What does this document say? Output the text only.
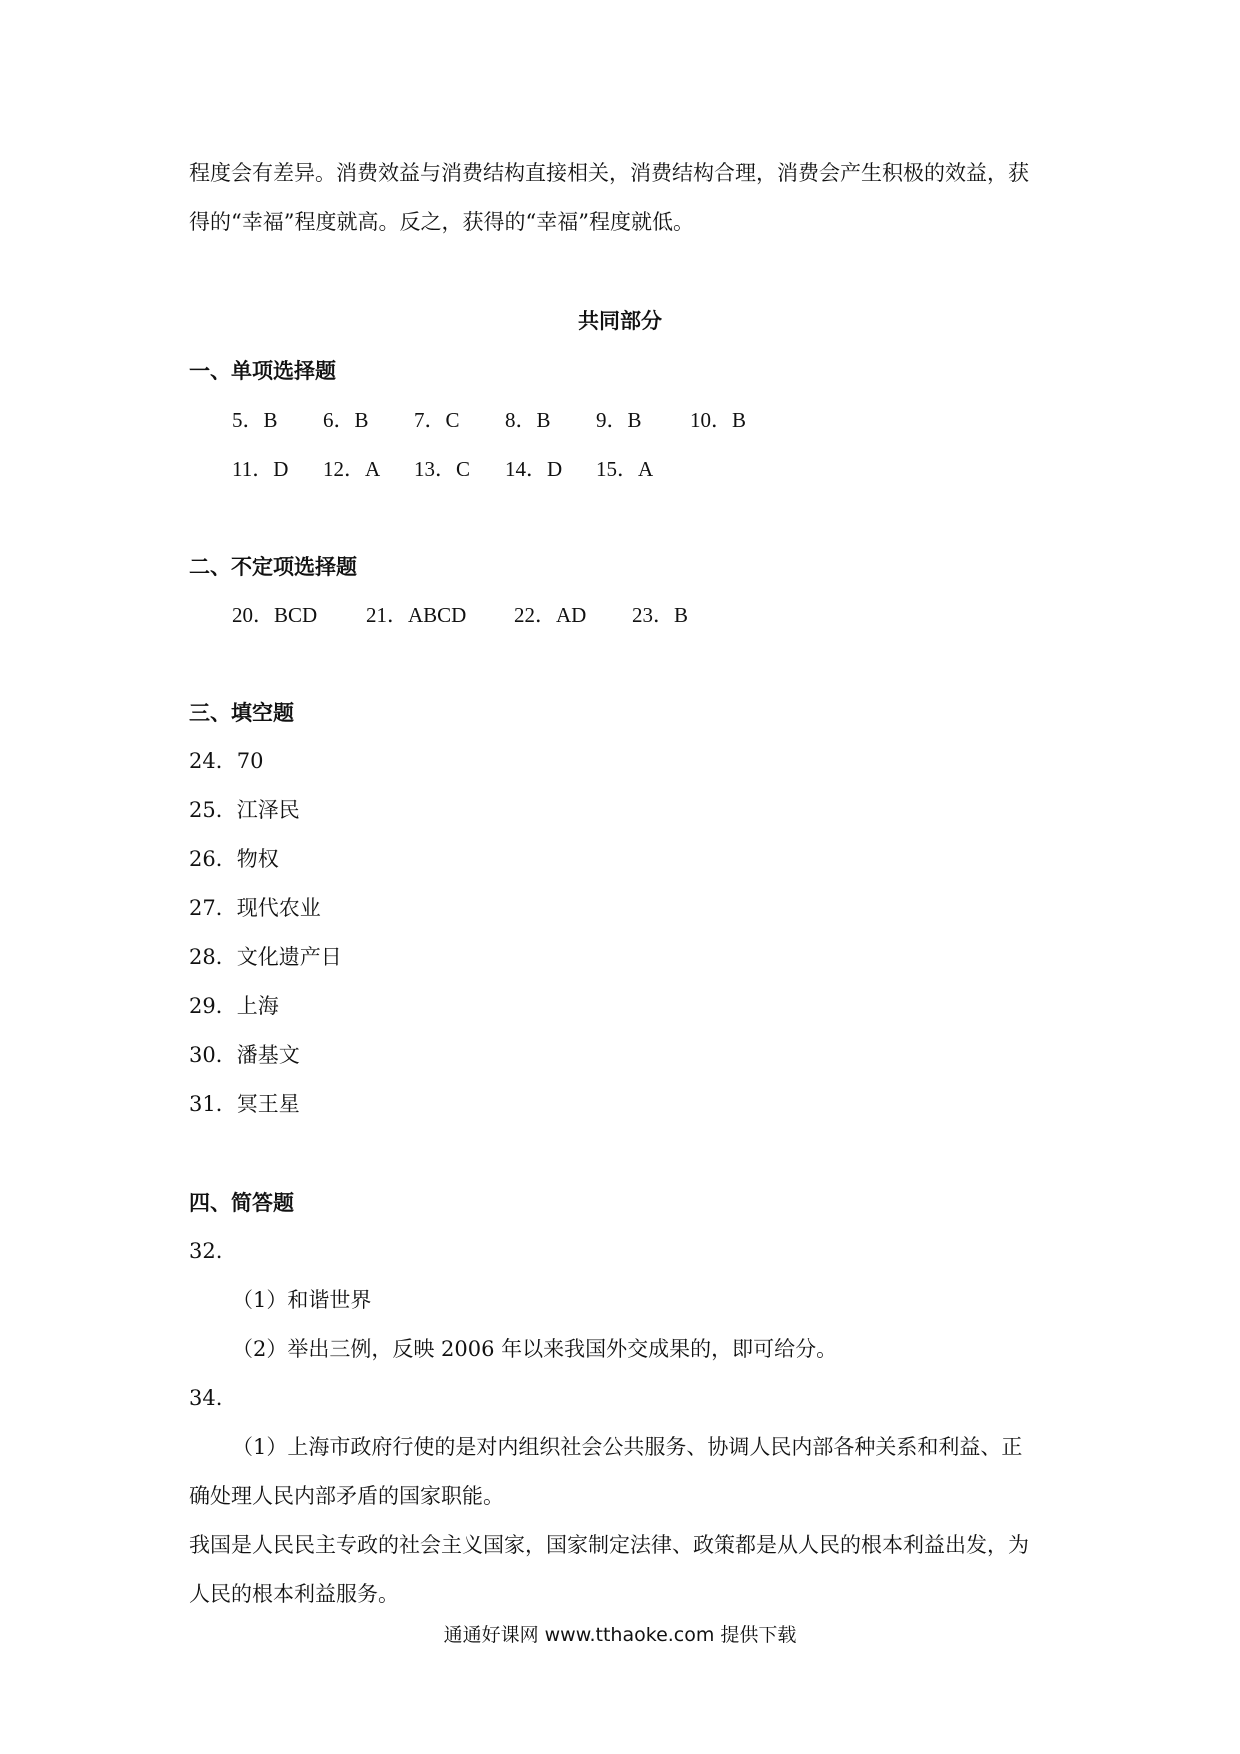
程度会有差异。消费效益与消费结构直接相关，消费结构合理，消费会产生积极的效益，获
得的“幸福”程度就高。反之，获得的“幸福”程度就低。
共同部分
一、单项选择题
5．B 6．B 7．C 8．B 9．B 10．B
11．D 12．A 13．C 14．D 15．A
二、不定项选择题
20．BCD 21．ABCD 22．AD 23．B
三、填空题
24．70
25．江泽民
26．物权
27．现代农业
28．文化遗产日
29．上海
30．潘基文
31．冥王星
四、简答题
32.
（1）和谐世界
（2）举出三例，反映 2006 年以来我国外交成果的，即可给分。
34.
（1）上海市政府行使的是对内组织社会公共服务、协调人民内部各种关系和利益、正
确处理人民内部矛盾的国家职能。
我国是人民民主专政的社会主义国家，国家制定法律、政策都是从人民的根本利益出发，为
人民的根本利益服务。
通通好课网 www.tthaoke.com 提供下载
